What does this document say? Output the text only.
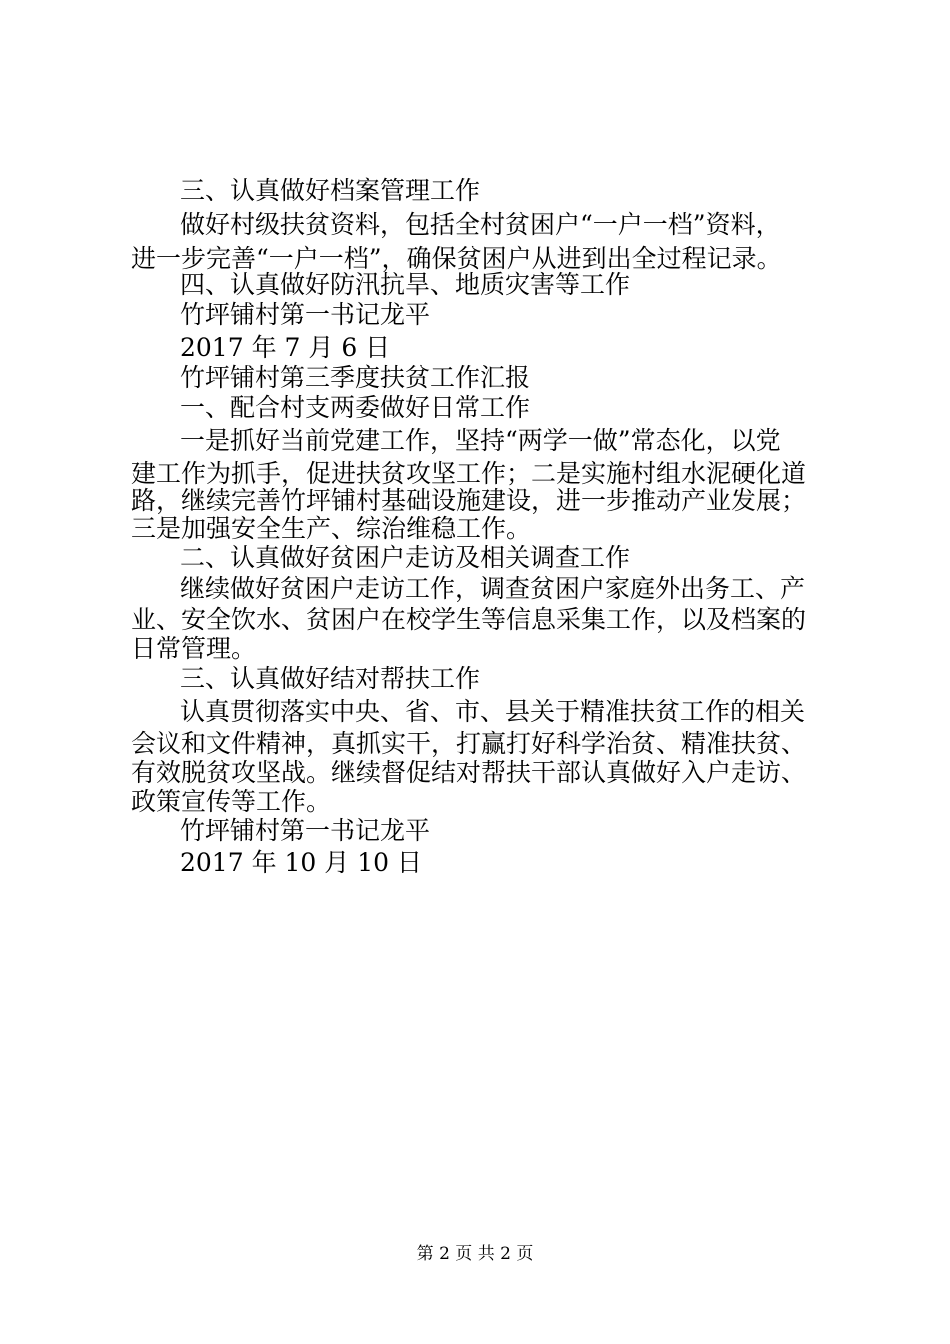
三、认真做好档案管理工作
做好村级扶贫资料，包括全村贫困户“一户一档”资料，
进一步完善“一户一档”，确保贫困户从进到出全过程记录。
四、认真做好防汛抗旱、地质灾害等工作
竹坪铺村第一书记龙平
2017 年 7 月 6 日
竹坪铺村第三季度扶贫工作汇报
一、配合村支两委做好日常工作
一是抓好当前党建工作，坚持“两学一做”常态化，以党
建工作为抓手，促进扶贫攻坚工作；二是实施村组水泥硬化道
路，继续完善竹坪铺村基础设施建设，进一步推动产业发展；
三是加强安全生产、综治维稳工作。
二、认真做好贫困户走访及相关调查工作
继续做好贫困户走访工作，调查贫困户家庭外出务工、产
业、安全饮水、贫困户在校学生等信息采集工作，以及档案的
日常管理。
三、认真做好结对帮扶工作
认真贯彻落实中央、省、市、县关于精准扶贫工作的相关
会议和文件精神，真抓实干，打赢打好科学治贫、精准扶贫、
有效脱贫攻坚战。继续督促结对帮扶干部认真做好入户走访、
政策宣传等工作。
竹坪铺村第一书记龙平
2017 年 10 月 10 日
第 2 页 共 2 页
